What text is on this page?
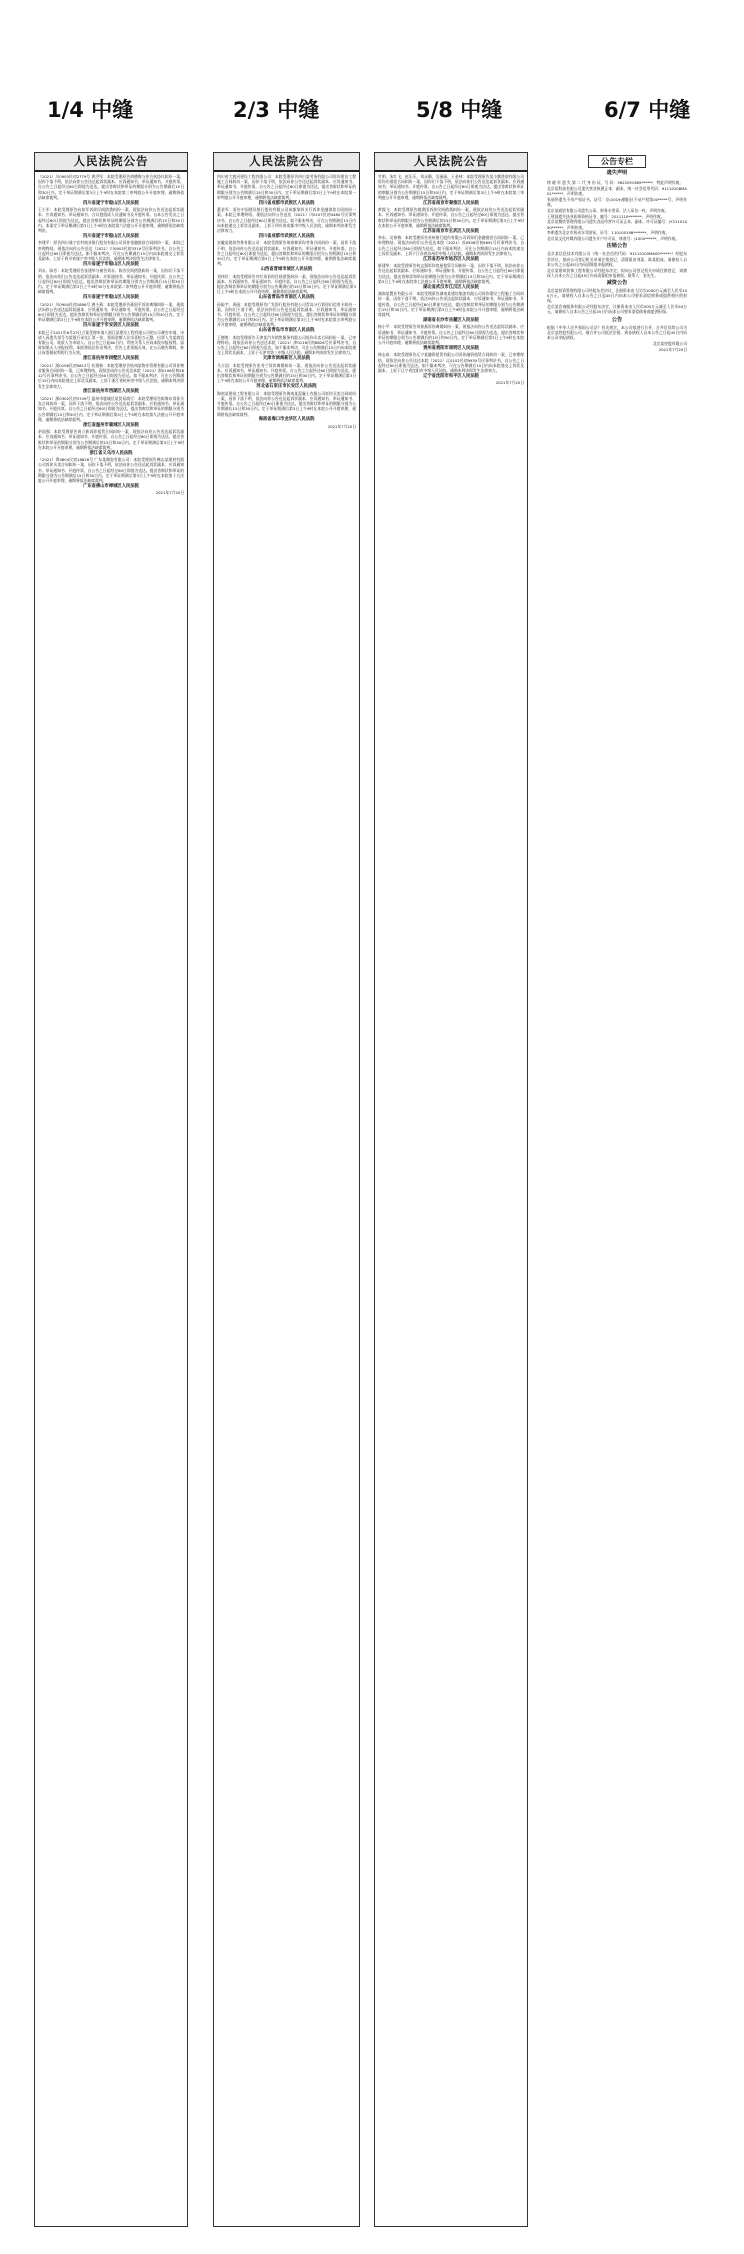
1/4 中缝	2/3 中缝	5/8 中缝	6/7 中缝
人民法院公告

（2021）川0903民初2779号 黄洪军：本院受理原告胡德海与你合伙协议纠纷一案，因你下落不明，依法向你公告送达起诉状副本、应诉通知书、举证通知书、开庭传票。自公告之日起经过60日即视为送达。提出答辩状和举证的期限分别为公告期满后15日和30日内。定于举证期满后第3日上午9时在本院第三审判庭公开开庭审理，逾期将依法缺席裁判。

四川省遂宁市船山区人民法院

王小军：本院受理原告向佑军诉你民间借贷纠纷一案，现依法向你公告送达起诉状副本、应诉通知书、举证通知书、合议庭组成人员通知书及开庭传票。自本公告发出之日起经过60日即视为送达。提出答辩状和举证的期限分别为公告期满后的15日和30日内。本案定于举证期满后第3日上午9时在本院第六法庭公开开庭审理，逾期将依法缺席判决。

四川省遂宁市船山区人民法院

李建平：原告四川遂宁农村商业银行股份有限公司诉你金融借款合同纠纷一案，本院已审理终结。现依法向你公告送达（2021）川0903民初3319号民事判决书。自公告之日起经过60日即视为送达。如不服本判决，可在公告期满后15日内向本院递交上诉状及副本，上诉于四川省遂宁市中级人民法院。逾期本判决即发生法律效力。

四川省遂宁市船山区人民法院

刘永、陈芳：本院受理原告张建华与被告刘永、陈芳民间借贷纠纷一案，因你们下落不明，依法向你们公告送达起诉状副本、应诉通知书、举证通知书、开庭传票。自公告之日起经过60日即视为送达。提出答辩状和举证的期限分别为公告期满后15日和30日内。定于举证期满后第3日上午9时30分在本院第二审判庭公开开庭审理，逾期将依法缺席裁判。

四川省遂宁市船山区人民法院

（2021）川0904民初1886号 唐小燕：本院受理原告蒋国平诉你离婚纠纷一案，现依法向你公告送达起诉状副本、应诉通知书、举证通知书、开庭传票。自公告之日起经过60日即视为送达。提出答辩状和举证的期限分别为公告期满后的15日和30日内。定于举证期满后第3日上午9时在本院公开开庭审理，逾期将依法缺席裁判。

四川省遂宁市安居区人民法院

本院已于2021年6月23日立案受理申请人浙江某建设工程有限公司的公示催告申请，申请人因遗失票号为某银行承兑汇票一张，票面金额人民币壹拾万元整，出票人为某商贸有限公司，收款人为申请人。自公告之日起60日内，利害关系人应向本院申报权利。届时如果无人申报权利，本院将依法作出判决，宣告上述票据无效。在公示催告期间，转让该票据权利的行为无效。

浙江省杭州市拱墅区人民法院

（2021）浙0106民初5812号 杜建新：本院受理原告杭州某物业管理有限公司诉你物业服务合同纠纷一案，已审理终结。现依法向你公告送达本院（2021）浙0106民初5812号民事判决书。自公告之日起经过60日即视为送达。如不服本判决，可在公告期满后15日内向本院递交上诉状及副本，上诉于浙江省杭州市中级人民法院。逾期本判决即发生法律效力。

浙江省杭州市西湖区人民法院

（2021）浙0302民初3749号 温州市鹿城区某贸易商行：本院受理原告陈海东诉你买卖合同纠纷一案，因你下落不明，依法向你公告送达起诉状副本、应诉通知书、举证通知书、开庭传票。自公告之日起经过60日即视为送达。提出答辩状和举证的期限分别为公告期满后15日和30日内。定于举证期满后第3日上午9时在本院第九法庭公开开庭审理，逾期将依法缺席裁判。

浙江省温州市鹿城区人民法院

余国强：本院受理原告周立新诉你租赁合同纠纷一案，现依法向你公告送达起诉状副本、应诉通知书、举证通知书、开庭传票。自公告之日起经过60日即视为送达。提出答辩状和举证的期限分别为公告期满后的15日和30日内。定于举证期满后第3日上午9时在本院公开开庭审理，逾期将依法缺席裁判。

浙江省义乌市人民法院

（2021）粤0604民初18826号 广东某陶瓷有限公司：本院受理原告佛山某建材有限公司诉你买卖合同纠纷一案，因你下落不明，依法向你公告送达起诉状副本、应诉通知书、举证通知书、开庭传票。自公告之日起经过60日即视为送达。提出答辩状和举证的期限分别为公告期满后15日和30日内。定于举证期满后第3日上午9时在本院第十五法庭公开开庭审理，逾期将依法缺席裁判。

广东省佛山市禅城区人民法院

2021年7月20日

人民法院公告

四川省大渡河建设工程有限公司：本院受理原告四川某劳务有限公司诉你建设工程施工合同纠纷一案，因你下落不明，依法向你公告送达起诉状副本、应诉通知书、举证通知书、开庭传票。自公告之日起经过60日即视为送达。提出答辩状和举证的期限分别为公告期满后15日和30日内。定于举证期满后第3日上午9时在本院第一审判庭公开开庭审理，逾期将依法缺席裁判。

四川省成都市武侯区人民法院

董金军：原告中国建设银行股份有限公司成都第四支行诉你金融借款合同纠纷一案，本院已审理终结。现依法向你公告送达（2021）川0107民初4480号民事判决书。自公告之日起经过60日即视为送达。如不服本判决，可在公告期满后15日内向本院递交上诉状及副本，上诉于四川省成都市中级人民法院。逾期本判决即发生法律效力。

四川省成都市武侯区人民法院

安徽某建筑劳务有限公司：本院受理原告胡春林诉你劳务合同纠纷一案，因你下落不明，依法向你公告送达起诉状副本、应诉通知书、举证通知书、开庭传票。自公告之日起经过60日即视为送达。提出答辩状和举证的期限分别为公告期满后15日和30日内。定于举证期满后第3日上午9时在本院公开开庭审理，逾期将依法缺席裁判。

山西省晋城市城区人民法院

刘伟民：本院受理原告许红英诉你民间借贷纠纷一案，现依法向你公告送达起诉状副本、应诉通知书、举证通知书、开庭传票。自公告之日起经过60日即视为送达。提出答辩状和举证的期限分别为公告期满后的15日和30日内。定于举证期满后第3日上午9时在本院公开开庭审理，逾期将依法缺席裁判。

山东省青岛市市南区人民法院

孙振宇、周丽：本院受理原告广发银行股份有限公司青岛分行诉你们信用卡纠纷一案，因你们下落不明，依法向你们公告送达起诉状副本、应诉通知书、举证通知书、开庭传票。自公告之日起经过60日即视为送达。提出答辩状和举证的期限分别为公告期满后15日和30日内。定于举证期满后第3日上午9时在本院第五审判庭公开开庭审理，逾期将依法缺席裁判。

山东省青岛市市南区人民法院

王德胜：本院受理原告天津某汽车销售服务有限公司诉你买卖合同纠纷一案，已审理终结。现依法向你公告送达本院（2021）津0116民初8826号民事判决书。自公告之日起经过60日即视为送达。如不服本判决，可在公告期满后15日内向本院递交上诉状及副本，上诉于天津市第三中级人民法院。逾期本判决即发生法律效力。

天津市滨海新区人民法院

马立国：本院受理原告张秀兰诉你离婚纠纷一案，现依法向你公告送达起诉状副本、应诉通知书、举证通知书、开庭传票。自公告之日起经过60日即视为送达。提出答辩状和举证的期限分别为公告期满后的15日和30日内。定于举证期满后第3日上午9时在本院公开开庭审理，逾期将依法缺席裁判。

河北省石家庄市长安区人民法院

海南某建筑工程有限公司：本院受理原告海南某混凝土有限公司诉你买卖合同纠纷一案，因你下落不明，依法向你公告送达起诉状副本、应诉通知书、举证通知书、开庭传票。自公告之日起经过60日即视为送达。提出答辩状和举证的期限分别为公告期满后15日和30日内。定于举证期满后第3日上午9时在本院公开开庭审理，逾期将依法缺席裁判。

海南省海口市龙华区人民法院

2021年7月20日

人民法院公告

竹明、朱红飞、赵乐乐、刘永顺、吴丽丽、王金林：本院受理原告某小额贷款有限公司诉你们借款合同纠纷一案，因你们下落不明，依法向你们公告送达起诉状副本、应诉通知书、举证通知书、开庭传票。自公告之日起经过60日即视为送达。提出答辩状和举证的期限分别为公告期满后15日和30日内。定于举证期满后第3日上午9时在本院第三审判庭公开开庭审理，逾期将依法缺席裁判。

江苏省南京市秦淮区人民法院

黄俊飞：本院受理原告姚建国诉你民间借贷纠纷一案，现依法向你公告送达起诉状副本、应诉通知书、举证通知书、开庭传票。自公告之日起经过60日即视为送达。提出答辩状和举证的期限分别为公告期满后的15日和30日内。定于举证期满后第3日上午9时在本院公开开庭审理，逾期将依法缺席裁判。

江苏省南京市玄武区人民法院

李东、吴春梅：本院受理原告苏州银行股份有限公司诉你们金融借款合同纠纷一案，已审理终结。现依法向你们公告送达本院（2021）苏0508民初6691号民事判决书。自公告之日起经过60日即视为送达。如不服本判决，可在公告期满后15日内向本院递交上诉状及副本，上诉于江苏省苏州市中级人民法院。逾期本判决即发生法律效力。

江苏省苏州市姑苏区人民法院

陈建华：本院受理原告何志强诉你房屋租赁合同纠纷一案，因你下落不明，依法向你公告送达起诉状副本、应诉通知书、举证通知书、开庭传票。自公告之日起经过60日即视为送达。提出答辩状和举证的期限分别为公告期满后15日和30日内。定于举证期满后第3日上午9时在本院第七法庭公开开庭审理，逾期将依法缺席裁判。

湖北省武汉市江汉区人民法院

湖南某置业有限公司：本院受理原告湖南某建设集团有限公司诉你建设工程施工合同纠纷一案，因你下落不明，依法向你公告送达起诉状副本、应诉通知书、举证通知书、开庭传票。自公告之日起经过60日即视为送达。提出答辩状和举证的期限分别为公告期满后15日和30日内。定于举证期满后第3日上午9时在本院公开开庭审理，逾期将依法缺席裁判。

湖南省长沙市岳麓区人民法院

杨小平：本院受理原告刘春燕诉你离婚纠纷一案，现依法向你公告送达起诉状副本、应诉通知书、举证通知书、开庭传票。自公告之日起经过60日即视为送达。提出答辩状和举证的期限分别为公告期满后的15日和30日内。定于举证期满后第3日上午9时在本院公开开庭审理，逾期将依法缺席裁判。

贵州省贵阳市南明区人民法院

林志成：本院受理原告辽宁某融资租赁有限公司诉你融资租赁合同纠纷一案，已审理终结。现依法向你公告送达本院（2021）辽0102民初9930号民事判决书。自公告之日起经过60日即视为送达。如不服本判决，可在公告期满后15日内向本院递交上诉状及副本，上诉于辽宁省沈阳市中级人民法院。逾期本判决即发生法律效力。

辽宁省沈阳市和平区人民法院

2021年7月20日

公告专栏
遗失声明

徐 晓 军 遗 失 第 二 代 身 份 证，号 码：3625291985******，特此声明作废。

北京某科技有限公司遗失营业执照正本、副本，统一社会信用代码：91110108MA01******，声明作废。

张丽华遗失不动产权证书，证号：京(2019)朝阳区不动产权第00*****号，声明作废。

北京某商贸有限公司遗失公章、财务专用章、法人章各一枚，声明作废。

王建国遗失执业医师资格证书，编号：2011110*******，声明作废。

北京某餐饮管理有限公司遗失食品经营许可证正本、副本，许可证编号：JY21101050******，声明作废。

李明遗失北京市机动车驾驶证，证号：110105198*******，声明作废。

北京某文化传媒有限公司遗失开户许可证，核准号：J1000******，声明作废。

注销公告

北京某信息技术有限公司（统一社会信用代码：91110105MA00******）经股东会决议，拟向公司登记机关申请注销登记，清算组由刘某、陈某组成，请债权人自本公告之日起45日内向清算组申报债权。

北京某建筑装饰工程有限公司经股东决定，拟向公司登记机关申请注销登记，请债权人自本公告之日起45日内向清算组申报债权。联系人：张先生。

减资公告

北京某投资管理有限公司经股东会决议，注册资本由人民币1000万元减至人民币100万元，请债权人自本公告之日起45日内向本公司要求清偿债务或提供相应的担保。

北京某咨询服务有限公司经股东决定，注册资本由人民币500万元减至人民币50万元，请债权人自本公告之日起45日内向本公司要求清偿债务或提供担保。

公告

根据《中华人民共和国公司法》有关规定，本公司拟进行合并，合并后存续公司为北京某控股有限公司，被合并公司依法注销。请各债权人自本公告之日起45日内向本公司申报债权。

北京某控股有限公司

2021年7月20日
